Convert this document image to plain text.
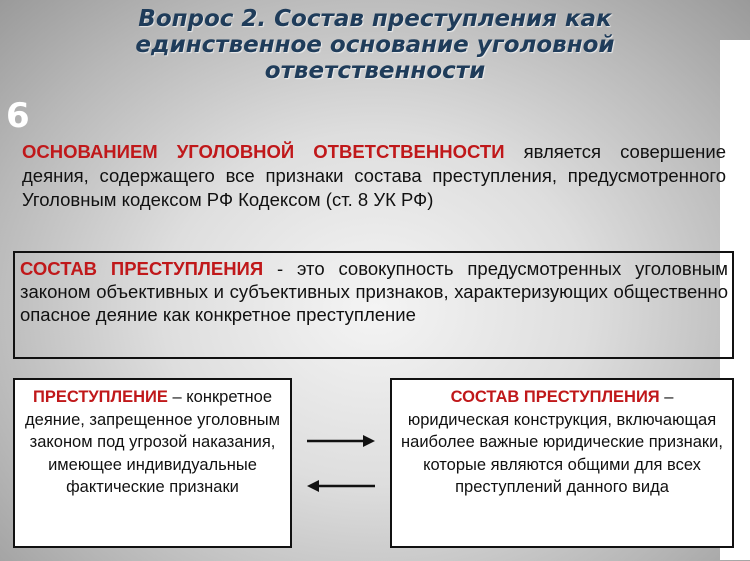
Вопрос 2. Состав преступления как
единственное основание уголовной
ответственности
6
ОСНОВАНИЕМ УГОЛОВНОЙ ОТВЕТСТВЕННОСТИ является совершение деяния, содержащего все признаки состава преступления, предусмотренного Уголовным кодексом РФ Кодексом (ст. 8 УК РФ)
СОСТАВ ПРЕСТУПЛЕНИЯ - это совокупность предусмотренных уголовным законом объективных и субъективных признаков, характеризующих общественно опасное деяние как конкретное преступление
ПРЕСТУПЛЕНИЕ – конкретное деяние, запрещенное уголовным законом под угрозой наказания, имеющее индивидуальные фактические признаки
СОСТАВ ПРЕСТУПЛЕНИЯ – юридическая конструкция, включающая наиболее важные юридические признаки, которые являются общими для всех преступлений данного вида
